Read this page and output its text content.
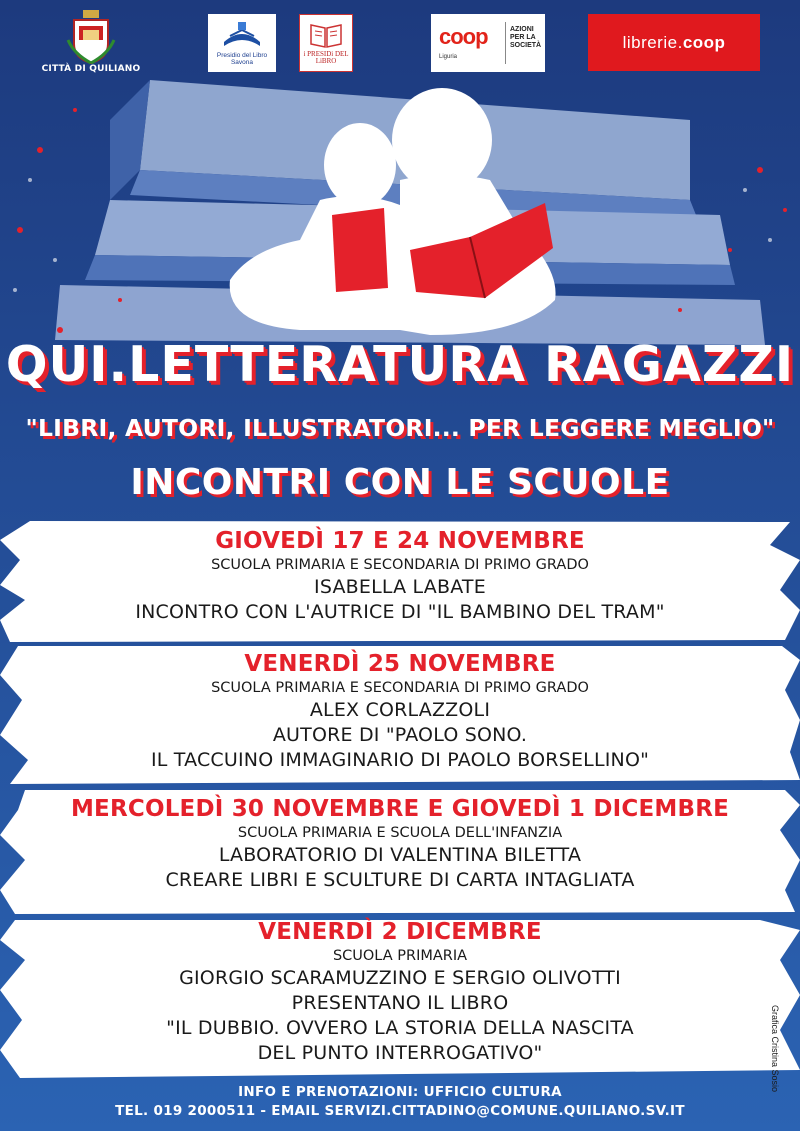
CITTÀ DI QUILIANO
Presidio del Libro Savona
i PRESIDi DEL LiBRO
coop
Liguria
AZIONI PER LA SOCIETÀ	librerie.coop
QUI.LETTERATURA RAGAZZI
"LIBRI, AUTORI, ILLUSTRATORI... PER LEGGERE MEGLIO"
INCONTRI CON LE SCUOLE
GIOVEDÌ 17 E 24 NOVEMBRE
SCUOLA PRIMARIA E SECONDARIA DI PRIMO GRADO
ISABELLA LABATE
INCONTRO CON L'AUTRICE DI "IL BAMBINO DEL TRAM"
VENERDÌ 25 NOVEMBRE
SCUOLA PRIMARIA E SECONDARIA DI PRIMO GRADO
ALEX CORLAZZOLI
AUTORE DI "PAOLO SONO.
IL TACCUINO IMMAGINARIO DI PAOLO BORSELLINO"
MERCOLEDÌ 30 NOVEMBRE E GIOVEDÌ 1 DICEMBRE
SCUOLA PRIMARIA E SCUOLA DELL'INFANZIA
LABORATORIO DI VALENTINA BILETTA
CREARE LIBRI E SCULTURE DI CARTA INTAGLIATA
VENERDÌ 2 DICEMBRE
SCUOLA PRIMARIA
GIORGIO SCARAMUZZINO E SERGIO OLIVOTTI
PRESENTANO IL LIBRO
"IL DUBBIO. OVVERO LA STORIA DELLA NASCITA
DEL PUNTO INTERROGATIVO"	Grafica Cristina Sosio
INFO E PRENOTAZIONI: UFFICIO CULTURA
TEL. 019 2000511 - EMAIL SERVIZI.CITTADINO@COMUNE.QUILIANO.SV.IT
